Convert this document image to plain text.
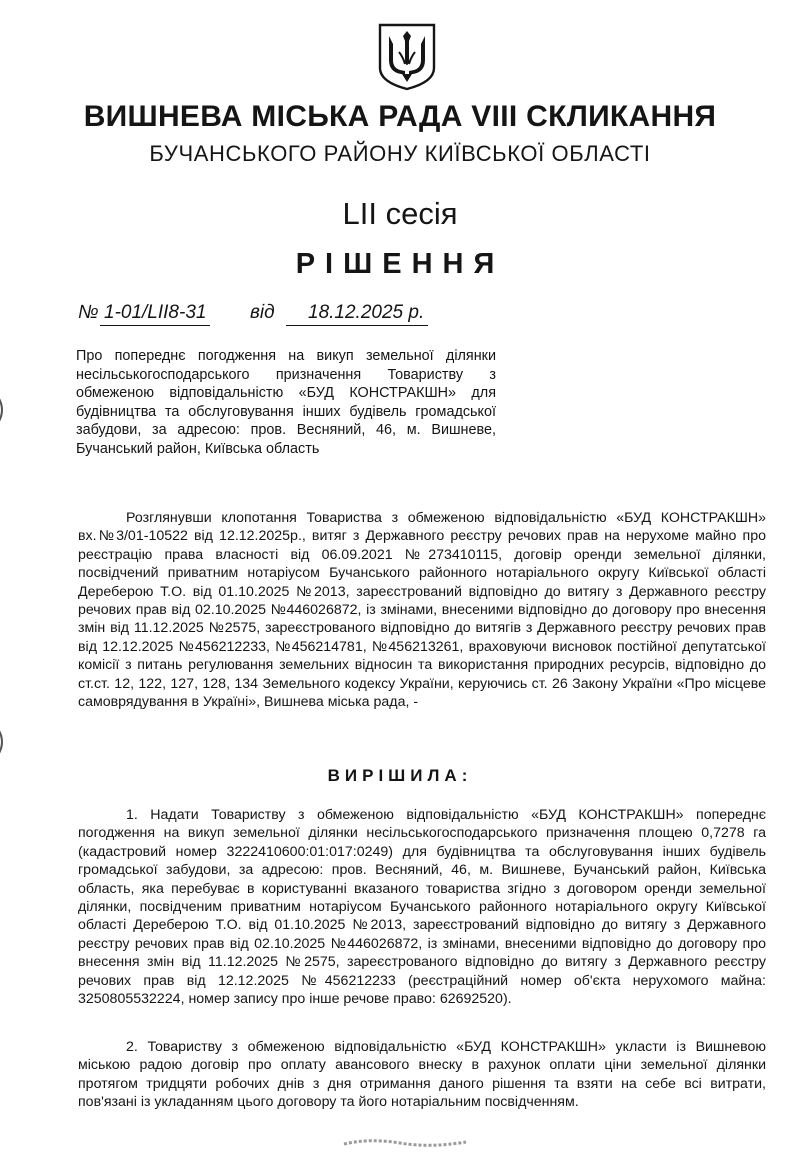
ВИШНЕВА МІСЬКА РАДА VIII СКЛИКАННЯ
БУЧАНСЬКОГО РАЙОНУ КИЇВСЬКОЇ ОБЛАСТІ
LII сесія
РІШЕННЯ
№ 1-01/LII8-31 від	18.12.2025 р.
Про попереднє погодження на викуп земельної ділянки
несільськогосподарського призначення Товариству з
обмеженою відповідальністю «БУД КОНСТРАКШН» для
будівництва та обслуговування інших будівель громадської
забудови, за адресою: пров. Весняний, 46, м. Вишневе,
Бучанський район, Київська область
Розглянувши клопотання Товариства з обмеженою відповідальністю «БУД КОНСТРАКШН»
вх.№3/01-10522 від 12.12.2025р., витяг з Державного реєстру речових прав на нерухоме майно про
реєстрацію права власності від 06.09.2021 №273410115, договір оренди земельної ділянки,
посвідчений приватним нотаріусом Бучанського районного нотаріального округу Київської області
Дереберою Т.О. від 01.10.2025 №2013, зареєстрований відповідно до витягу з Державного реєстру
речових прав від 02.10.2025 №446026872, із змінами, внесеними відповідно до договору про внесення
змін від 11.12.2025 №2575, зареєстрованого відповідно до витягів з Державного реєстру речових прав
від 12.12.2025 №456212233, №456214781, №456213261, враховуючи висновок постійної депутатської
комісії з питань регулювання земельних відносин та використання природних ресурсів, відповідно до
ст.ст. 12, 122, 127, 128, 134 Земельного кодексу України, керуючись ст. 26 Закону України «Про місцеве
самоврядування в Україні», Вишнева міська рада, -
ВИРІШИЛА:
1. Надати Товариству з обмеженою відповідальністю «БУД КОНСТРАКШН» попереднє
погодження на викуп земельної ділянки несільськогосподарського призначення площею 0,7278 га
(кадастровий номер 3222410600:01:017:0249) для будівництва та обслуговування інших будівель
громадської забудови, за адресою: пров. Весняний, 46, м. Вишневе, Бучанський район, Київська
область, яка перебуває в користуванні вказаного товариства згідно з договором оренди земельної
ділянки, посвідченим приватним нотаріусом Бучанського районного нотаріального округу Київської
області Дереберою Т.О. від 01.10.2025 №2013, зареєстрований відповідно до витягу з Державного
реєстру речових прав від 02.10.2025 №446026872, із змінами, внесеними відповідно до договору про
внесення змін від 11.12.2025 №2575, зареєстрованого відповідно до витягу з Державного реєстру
речових прав від 12.12.2025 №456212233 (реєстраційний номер об'єкта нерухомого майна:
3250805532224, номер запису про інше речове право: 62692520).
2. Товариству з обмеженою відповідальністю «БУД КОНСТРАКШН» укласти із Вишневою
міською радою договір про оплату авансового внеску в рахунок оплати ціни земельної ділянки
протягом тридцяти робочих днів з дня отримання даного рішення та взяти на себе всі витрати,
пов'язані із укладанням цього договору та його нотаріальним посвідченням.
